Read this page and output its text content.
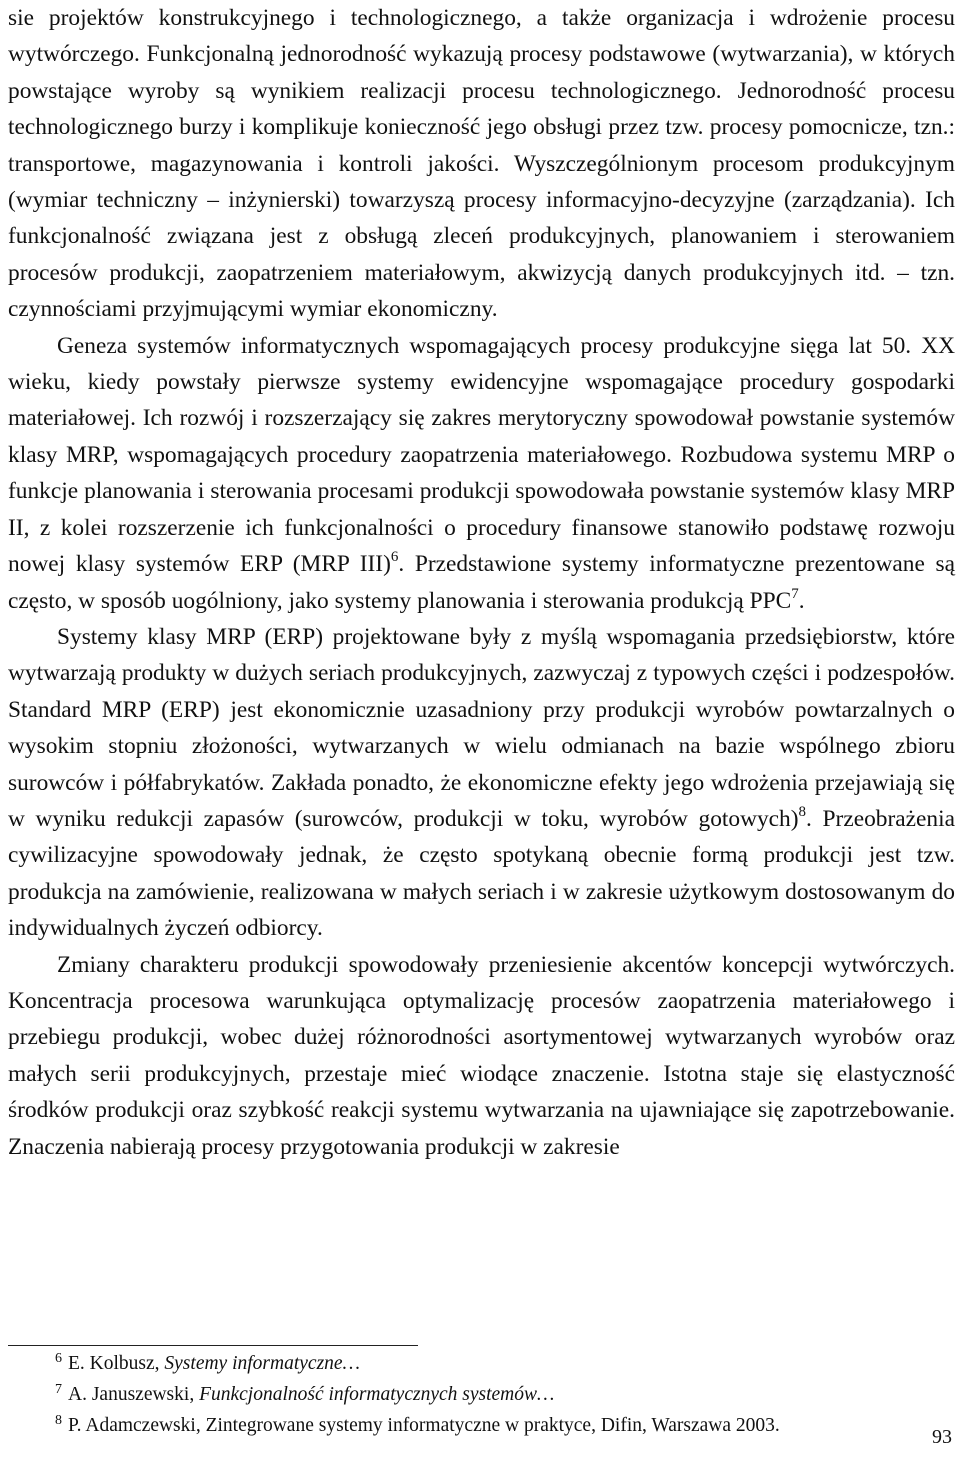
sie projektów konstrukcyjnego i technologicznego, a także organizacja i wdrożenie procesu wytwórczego. Funkcjonalną jednorodność wykazują procesy podstawowe (wytwarzania), w których powstające wyroby są wynikiem realizacji procesu technologicznego. Jednorodność procesu technologicznego burzy i komplikuje konieczność jego obsługi przez tzw. procesy pomocnicze, tzn.: transportowe, magazynowania i kontroli jakości. Wyszczególnionym procesom produkcyjnym (wymiar techniczny – inżynierski) towarzyszą procesy informacyjno-decyzyjne (zarządzania). Ich funkcjonalność związana jest z obsługą zleceń produkcyjnych, planowaniem i sterowaniem procesów produkcji, zaopatrzeniem materiałowym, akwizycją danych produkcyjnych itd. – tzn. czynnościami przyjmującymi wymiar ekonomiczny.

Geneza systemów informatycznych wspomagających procesy produkcyjne sięga lat 50. XX wieku, kiedy powstały pierwsze systemy ewidencyjne wspomagające procedury gospodarki materiałowej. Ich rozwój i rozszerzający się zakres merytoryczny spowodował powstanie systemów klasy MRP, wspomagających procedury zaopatrzenia materiałowego. Rozbudowa systemu MRP o funkcje planowania i sterowania procesami produkcji spowodowała powstanie systemów klasy MRP II, z kolei rozszerzenie ich funkcjonalności o procedury finansowe stanowiło podstawę rozwoju nowej klasy systemów ERP (MRP III)$^6$. Przedstawione systemy informatyczne prezentowane są często, w sposób uogólniony, jako systemy planowania i sterowania produkcją PPC$^7$.

Systemy klasy MRP (ERP) projektowane były z myślą wspomagania przedsiębiorstw, które wytwarzają produkty w dużych seriach produkcyjnych, zazwyczaj z typowych części i podzespołów. Standard MRP (ERP) jest ekonomicznie uzasadniony przy produkcji wyrobów powtarzalnych o wysokim stopniu złożoności, wytwarzanych w wielu odmianach na bazie wspólnego zbioru surowców i półfabrykatów. Zakłada ponadto, że ekonomiczne efekty jego wdrożenia przejawiają się w wyniku redukcji zapasów (surowców, produkcji w toku, wyrobów gotowych)$^8$. Przeobrażenia cywilizacyjne spowodowały jednak, że często spotykaną obecnie formą produkcji jest tzw. produkcja na zamówienie, realizowana w małych seriach i w zakresie użytkowym dostosowanym do indywidualnych życzeń odbiorcy.

Zmiany charakteru produkcji spowodowały przeniesienie akcentów koncepcji wytwórczych. Koncentracja procesowa warunkująca optymalizację procesów zaopatrzenia materiałowego i przebiegu produkcji, wobec dużej różnorodności asortymentowej wytwarzanych wyrobów oraz małych serii produkcyjnych, przestaje mieć wiodące znaczenie. Istotna staje się elastyczność środków produkcji oraz szybkość reakcji systemu wytwarzania na ujawniające się zapotrzebowanie. Znaczenia nabierają procesy przygotowania produkcji w zakresie

$^6$ E. Kolbusz, Systemy informatyczne…
$^7$ A. Januszewski, Funkcjonalność informatycznych systemów…
$^8$ P. Adamczewski, Zintegrowane systemy informatyczne w praktyce, Difin, Warszawa 2003.
93
